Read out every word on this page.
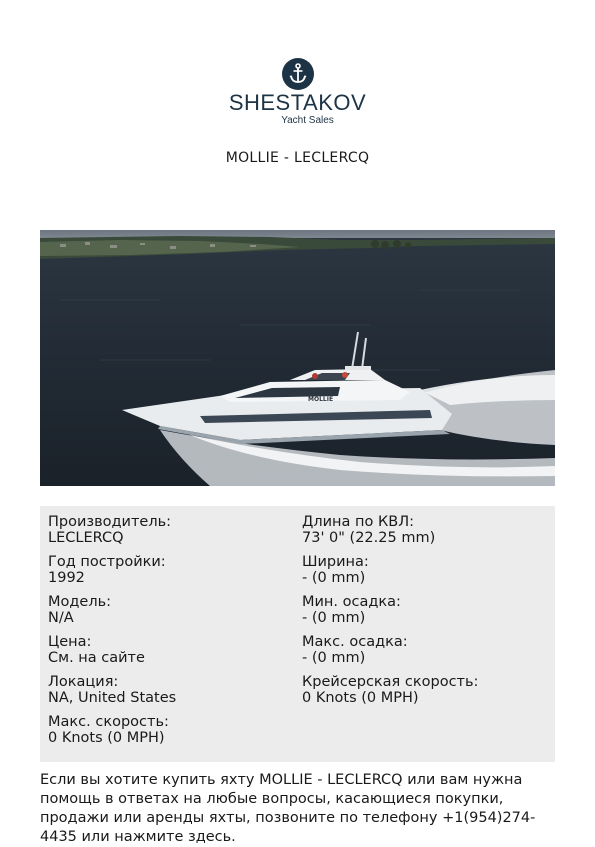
SHESTAKOV
Yacht Sales
MOLLIE - LECLERCQ
MOLLIE
Производитель:
LECLERCQ
Год постройки:
1992
Модель:
N/A
Цена:
См. на сайте
Локация:
NA, United States
Макс. скорость:
0 Knots (0 MPH)
Длина по КВЛ:
73' 0" (22.25 mm)
Ширина:
- (0 mm)
Мин. осадка:
- (0 mm)
Макс. осадка:
- (0 mm)
Крейсерская скорость:
0 Knots (0 MPH)
Если вы хотите купить яхту MOLLIE - LECLERCQ или вам нужна помощь в ответах на любые вопросы, касающиеся покупки, продажи или аренды яхты, позвоните по телефону +1(954)274-4435 или нажмите здесь.
